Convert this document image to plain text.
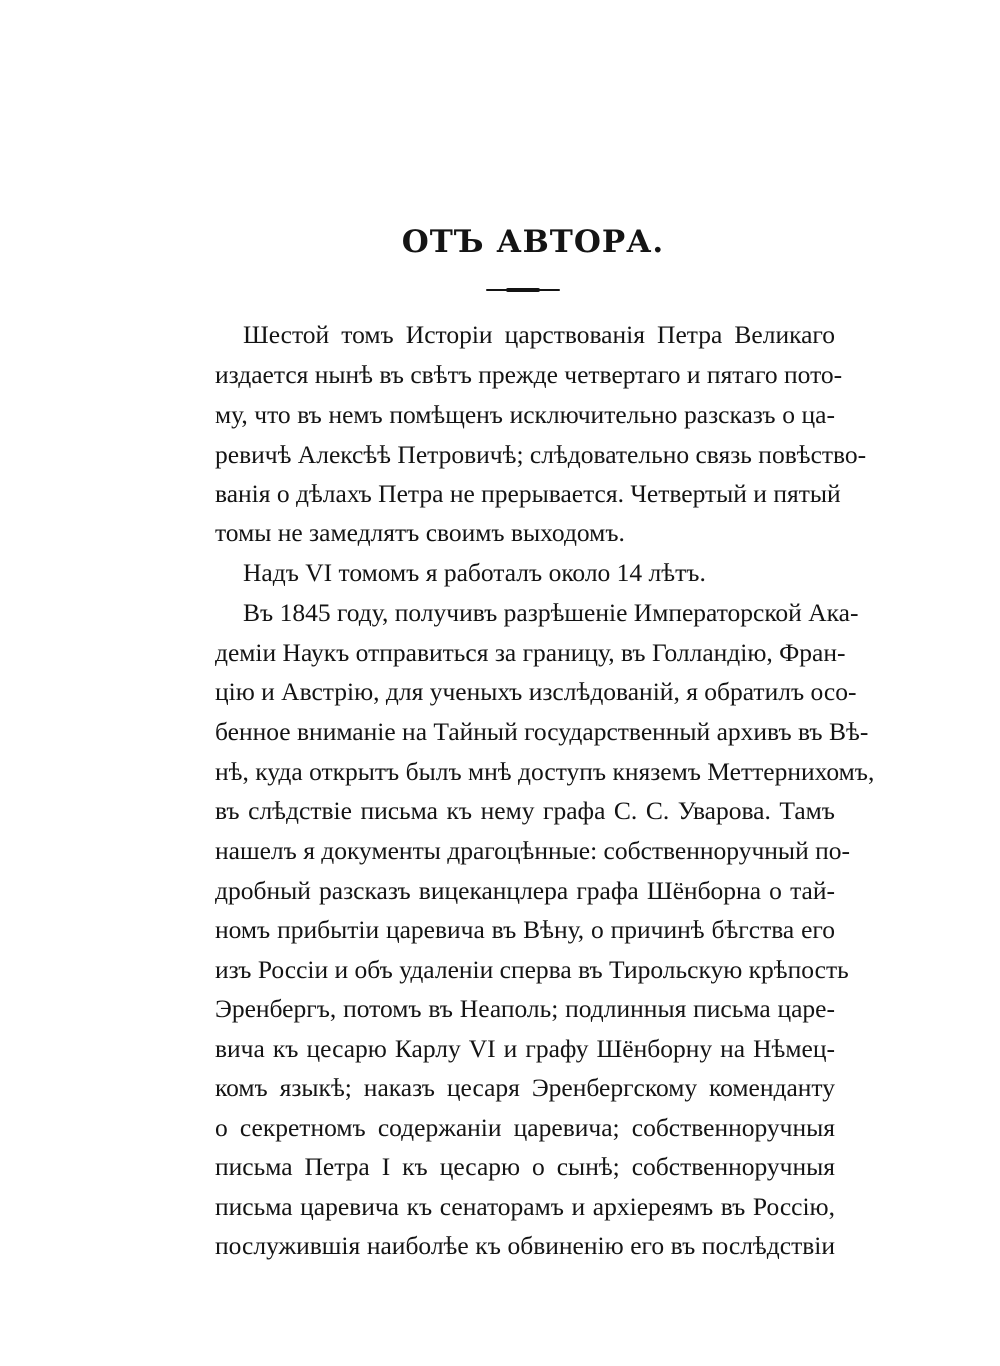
ОТЪ АВТОРА.

Шестой томъ Исторіи царствованія Петра Великаго

издается нынѣ въ свѣтъ прежде четвертаго и пятаго пото-

му, что въ немъ помѣщенъ исключительно разсказъ о ца-

ревичѣ Алексѣѣ Петровичѣ; слѣдовательно связь повѣство-

ванія о дѣлахъ Петра не прерывается. Четвертый и пятый

томы не замедлятъ своимъ выходомъ.

Надъ VI томомъ я работалъ около 14 лѣтъ.

Въ 1845 году, получивъ разрѣшеніе Императорской Ака-

деміи Наукъ отправиться за границу, въ Голландію, Фран-

цію и Австрію, для ученыхъ изслѣдованій, я обратилъ осо-

бенное вниманіе на Тайный государственный архивъ въ Вѣ-

нѣ, куда открытъ былъ мнѣ доступъ княземъ Меттернихомъ,

въ слѣдствіе письма къ нему графа С. С. Уварова. Тамъ

нашелъ я документы драгоцѣнные: собственноручный по-

дробный разсказъ вицеканцлера графа Шёнборна о тай-

номъ прибытіи царевича въ Вѣну, о причинѣ бѣгства его

изъ Россіи и объ удаленіи сперва въ Тирольскую крѣпость

Эренбергъ, потомъ въ Неаполь; подлинныя письма царе-

вича къ цесарю Карлу VI и графу Шёнборну на Нѣмец-

комъ языкѣ; наказъ цесаря Эренбергскому коменданту

о секретномъ содержаніи царевича; собственноручныя

письма Петра I къ цесарю о сынѣ; собственноручныя

письма царевича къ сенаторамъ и архіереямъ въ Россію,

послужившія наиболѣе къ обвиненію его въ послѣдствіи
